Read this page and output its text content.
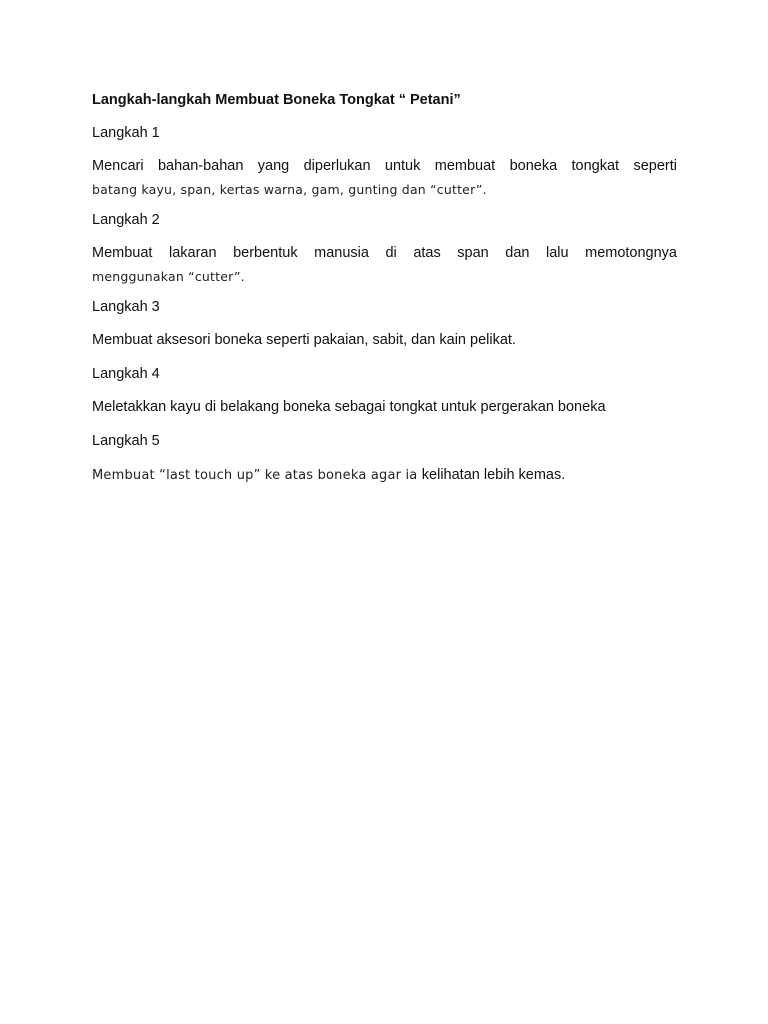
Langkah-langkah Membuat Boneka Tongkat “ Petani”
Langkah 1
Mencari bahan-bahan yang diperlukan untuk membuat boneka tongkat seperti
batang kayu, span, kertas warna, gam, gunting dan “cutter”.
Langkah 2
Membuat lakaran berbentuk manusia di atas span dan lalu memotongnya
menggunakan “cutter”.
Langkah 3
Membuat aksesori boneka seperti pakaian, sabit, dan kain pelikat.
Langkah 4
Meletakkan kayu di belakang boneka sebagai tongkat untuk pergerakan boneka
Langkah 5
Membuat “last touch up” ke atas boneka agar ia kelihatan lebih kemas.
